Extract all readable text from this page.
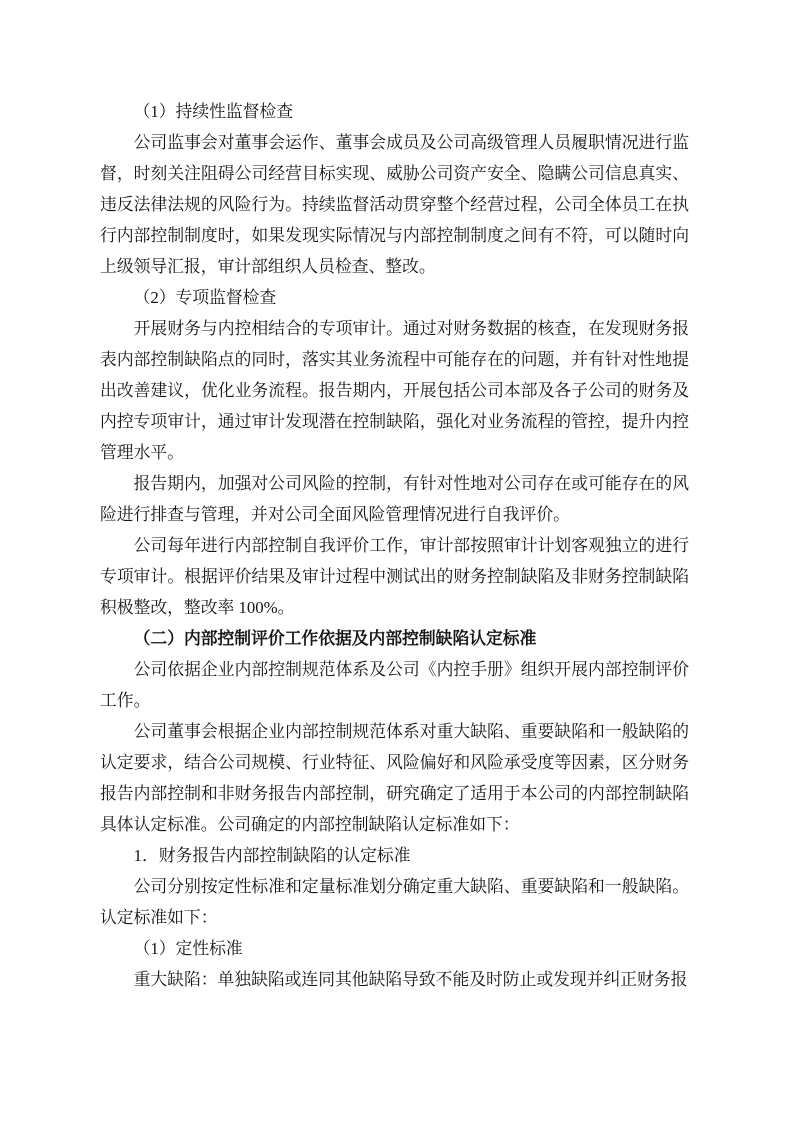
（1）持续性监督检查

公司监事会对董事会运作、董事会成员及公司高级管理人员履职情况进行监督，时刻关注阻碍公司经营目标实现、威胁公司资产安全、隐瞒公司信息真实、违反法律法规的风险行为。持续监督活动贯穿整个经营过程，公司全体员工在执行内部控制制度时，如果发现实际情况与内部控制制度之间有不符，可以随时向上级领导汇报，审计部组织人员检查、整改。

（2）专项监督检查

开展财务与内控相结合的专项审计。通过对财务数据的核查，在发现财务报表内部控制缺陷点的同时，落实其业务流程中可能存在的问题，并有针对性地提出改善建议，优化业务流程。报告期内，开展包括公司本部及各子公司的财务及内控专项审计，通过审计发现潜在控制缺陷，强化对业务流程的管控，提升内控管理水平。

报告期内，加强对公司风险的控制，有针对性地对公司存在或可能存在的风险进行排查与管理，并对公司全面风险管理情况进行自我评价。

公司每年进行内部控制自我评价工作，审计部按照审计计划客观独立的进行专项审计。根据评价结果及审计过程中测试出的财务控制缺陷及非财务控制缺陷积极整改，整改率 100%。

（二）内部控制评价工作依据及内部控制缺陷认定标准

公司依据企业内部控制规范体系及公司《内控手册》组织开展内部控制评价工作。

公司董事会根据企业内部控制规范体系对重大缺陷、重要缺陷和一般缺陷的认定要求，结合公司规模、行业特征、风险偏好和风险承受度等因素，区分财务报告内部控制和非财务报告内部控制，研究确定了适用于本公司的内部控制缺陷具体认定标准。公司确定的内部控制缺陷认定标准如下：

1．财务报告内部控制缺陷的认定标准

公司分别按定性标准和定量标准划分确定重大缺陷、重要缺陷和一般缺陷。认定标准如下：

（1）定性标准

重大缺陷：单独缺陷或连同其他缺陷导致不能及时防止或发现并纠正财务报
